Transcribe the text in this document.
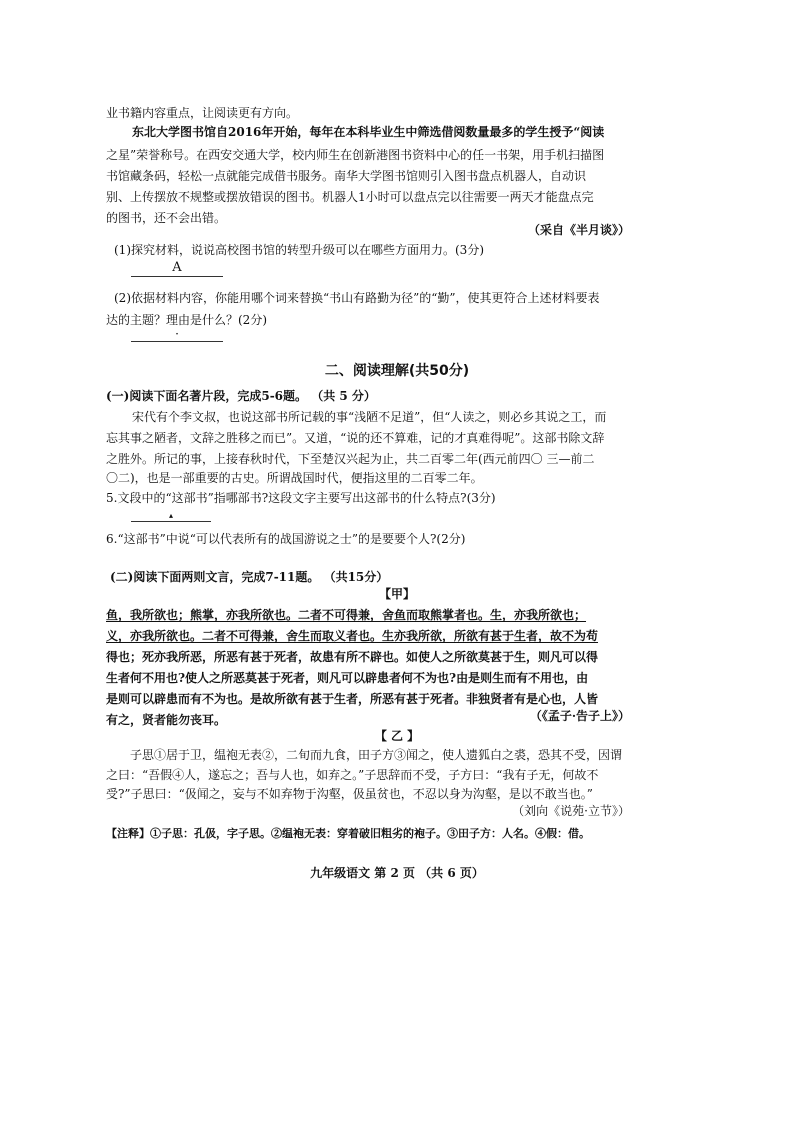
业书籍内容重点，让阅读更有方向。
东北大学图书馆自2016年开始，每年在本科毕业生中筛选借阅数量最多的学生授予“阅读
之星”荣誉称号。在西安交通大学，校内师生在创新港图书资料中心的任一书架，用手机扫描图
书馆藏条码，轻松一点就能完成借书服务。南华大学图书馆则引入图书盘点机器人，自动识
别、上传摆放不规整或摆放错误的图书。机器人1小时可以盘点完以往需要一两天才能盘点完
的图书，还不会出错。
（采自《半月谈》）
(1)探究材料，说说高校图书馆的转型升级可以在哪些方面用力。(3分)
A
(2)依据材料内容，你能用哪个词来替换“书山有路勤为径”的“勤”，使其更符合上述材料要表
达的主题？理由是什么？(2分)
·
二、阅读理解(共50分)
(一)阅读下面名著片段，完成5-6题。 （共 5 分）
宋代有个李文叔，也说这部书所记载的事“浅陋不足道”，但“人读之，则必乡其说之工，而
忘其事之陋者，文辞之胜移之而已”。又道，“说的还不算难，记的才真难得呢”。这部书除文辞
之胜外。所记的事，上接春秋时代，下至楚汉兴起为止，共二百零二年(西元前四〇 三—前二
〇二)，也是一部重要的古史。所谓战国时代，便指这里的二百零二年。
5.文段中的“这部书”指哪部书?这段文字主要写出这部书的什么特点?(3分)
▴
6.“这部书”中说“可以代表所有的战国游说之士”的是要要个人?(2分)
(二)阅读下面两则文言，完成7-11题。 （共15分）
【甲】
鱼，我所欲也；熊掌，亦我所欲也。二者不可得兼，舍鱼而取熊掌者也。生，亦我所欲也；
义，亦我所欲也。二者不可得兼，舍生而取义者也。生亦我所欲，所欲有甚于生者，故不为苟
得也；死亦我所恶，所恶有甚于死者，故患有所不辟也。如使人之所欲莫甚于生，则凡可以得
生者何不用也?使人之所恶莫甚于死者，则凡可以辟患者何不为也?由是则生而有不用也，由
是则可以辟患而有不为也。是故所欲有甚于生者，所恶有甚于死者。非独贤者有是心也，人皆
有之，贤者能勿丧耳。	（《孟子·告子上》）
【 乙 】
子思①居于卫，缊袍无表②，二旬而九食，田子方③闻之，使人遗狐白之裘，恐其不受，因谓
之曰：“吾假④人，遂忘之；吾与人也，如弃之。”子思辞而不受，子方曰：“我有子无，何故不
受?”子思曰：“伋闻之，妄与不如弃物于沟壑，伋虽贫也，不忍以身为沟壑，是以不敢当也。”
（刘向《说苑·立节》）
【注释】①子思：孔伋，字子思。②缊袍无表：穿着破旧粗劣的袍子。③田子方：人名。④假：借。
九年级语文 第 2 页 （共 6 页）
